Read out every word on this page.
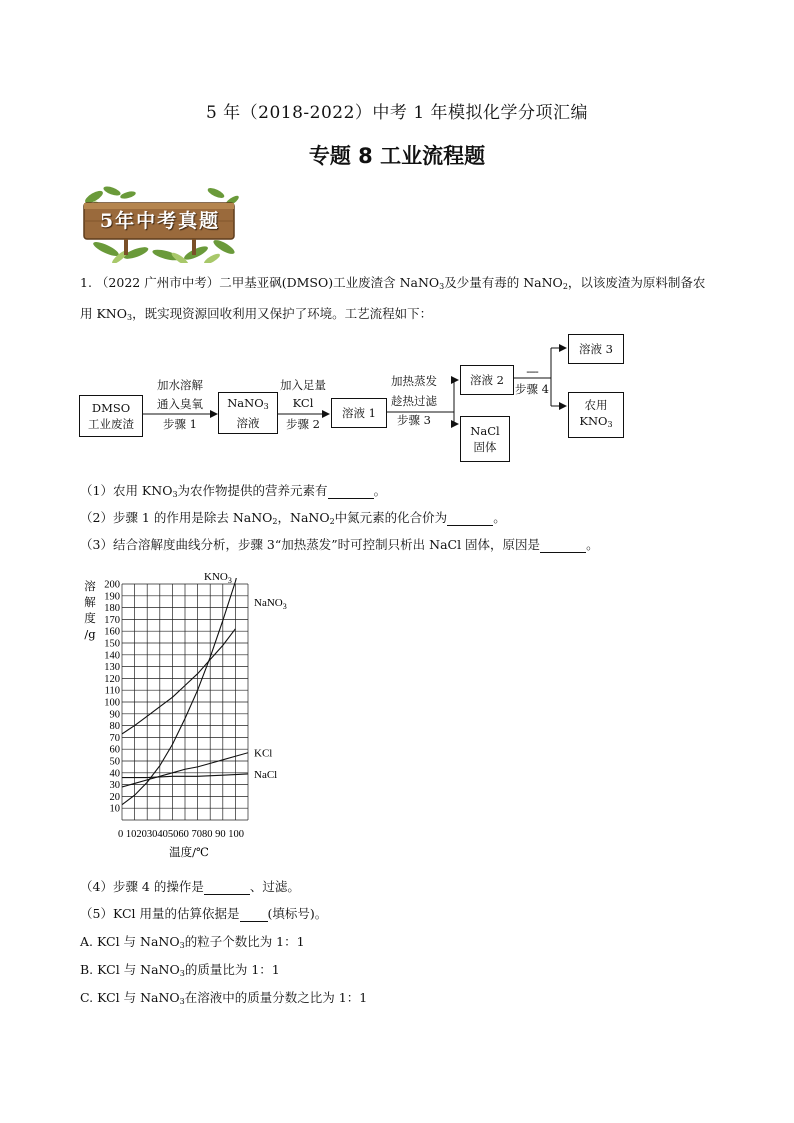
5 年（2018-2022）中考 1 年模拟化学分项汇编
专题 8 工业流程题
5年中考真题
1. （2022 广州市中考）二甲基亚砜(DMSO)工业废渣含 NaNO$_3$及少量有毒的 NaNO$_2$，以该废渣为原料制备农
用 $KNO_3$，既实现资源回收利用又保护了环境。工艺流程如下：
DMSO
工业废渣
加水溶解
通入臭氧
步骤 1
NaNO$_3$
溶液
加入足量
KCl
步骤 2
溶液 1
加热蒸发
趁热过滤
步骤 3
溶液 2
NaCl
固体
----
步骤 4
溶液 3
农用
$KNO_3$
（1）农用 $KNO_3$为农作物提供的营养元素有	。
（2）步骤 1 的作用是除去 NaNO$_2$，NaNO$_2$中氮元素的化合价为	。
（3）结合溶解度曲线分析，步骤 3“加热蒸发”时可控制只析出 NaCl 固体，原因是	。
10
20
30
40
50
60
70
80
90
100
110
120
130
140
150
160
170
180
190
200
0 102030405060 7080 90 100
温度/℃
溶
解
度
/g
NaNO$_3$
$KNO_3$
KCl
NaCl
（4）步骤 4 的操作是	、过滤。
（5）KCl 用量的估算依据是 (填标号)。
A. KCl 与 NaNO$_3$的粒子个数比为 1：1
B. KCl 与 NaNO$_3$的质量比为 1：1
C. KCl 与 NaNO$_3$在溶液中的质量分数之比为 1：1
